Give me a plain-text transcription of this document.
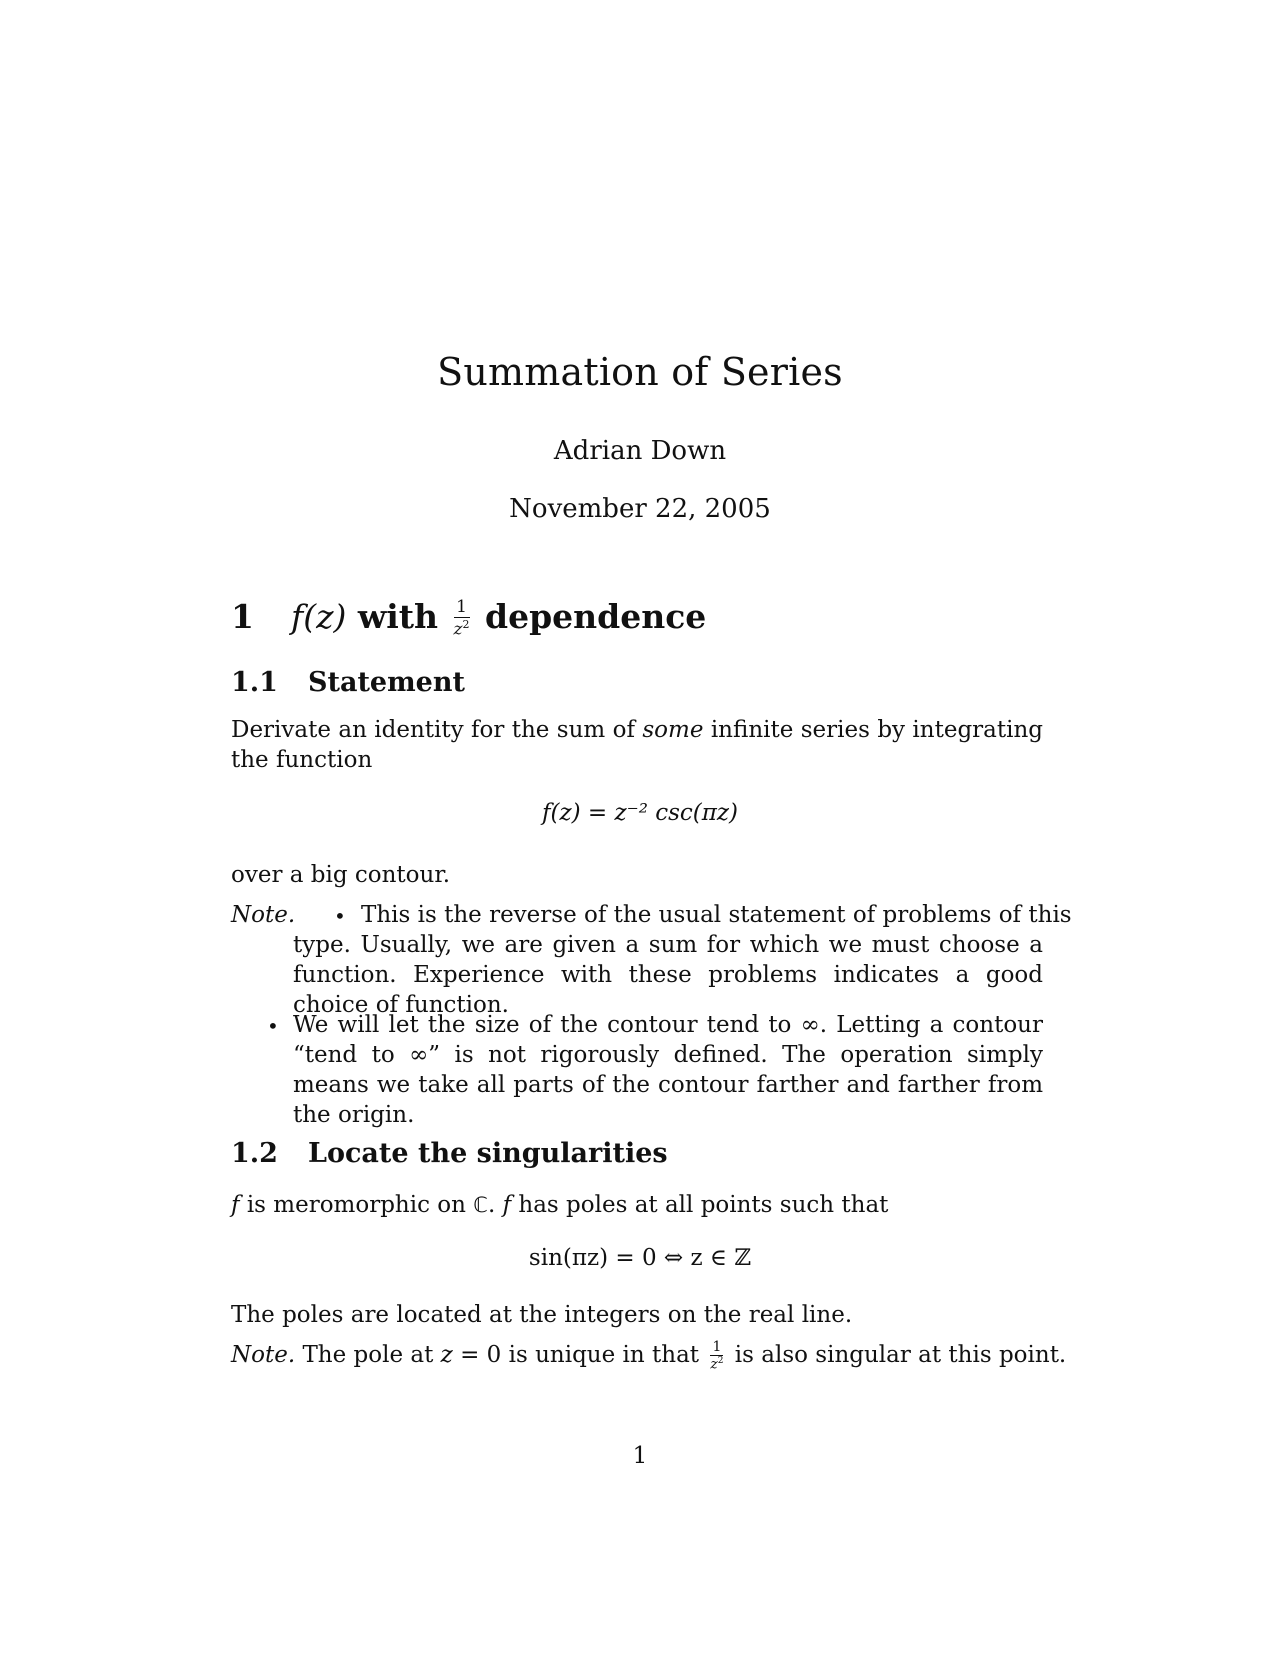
Summation of Series
Adrian Down
November 22, 2005
1 f(z) with $\frac{1}{z^2}$ dependence
1.1 Statement
Derivate an identity for the sum of some infinite series by integrating the function
f(z) = z⁻² csc(πz)
over a big contour.
Note. • This is the reverse of the usual statement of problems of this
type. Usually, we are given a sum for which we must choose a function. Experience with these problems indicates a good choice of function.
• We will let the size of the contour tend to ∞. Letting a contour “tend to ∞” is not rigorously defined. The operation simply means we take all parts of the contour farther and farther from the origin.
1.2 Locate the singularities
f is meromorphic on ℂ. f has poles at all points such that
sin(πz) = 0 ⇔ z ∈ ℤ
The poles are located at the integers on the real line.
Note. The pole at z = 0 is unique in that $\frac{1}{z^2}$ is also singular at this point.
1
